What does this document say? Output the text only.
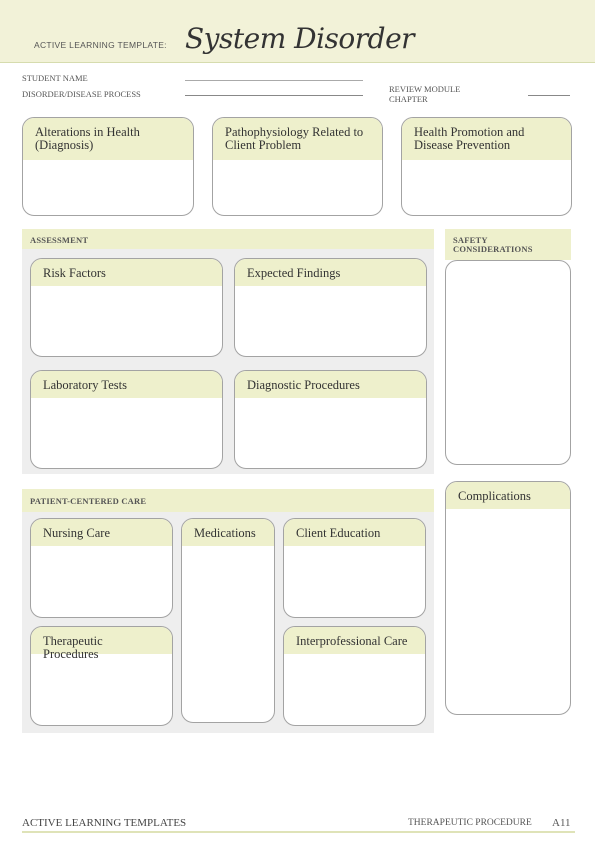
ACTIVE LEARNING TEMPLATE: System Disorder
STUDENT NAME
DISORDER/DISEASE PROCESS	REVIEW MODULE
CHAPTER
Alterations in Health (Diagnosis)
Pathophysiology Related to Client Problem
Health Promotion and Disease Prevention
ASSESSMENT
Risk Factors	Expected Findings
Laboratory Tests	Diagnostic Procedures
SAFETY
CONSIDERATIONS
PATIENT-CENTERED CARE
Nursing Care	Medications	Client Education
Therapeutic Procedures
Interprofessional Care
Complications
ACTIVE LEARNING TEMPLATES	THERAPEUTIC PROCEDURE A11
